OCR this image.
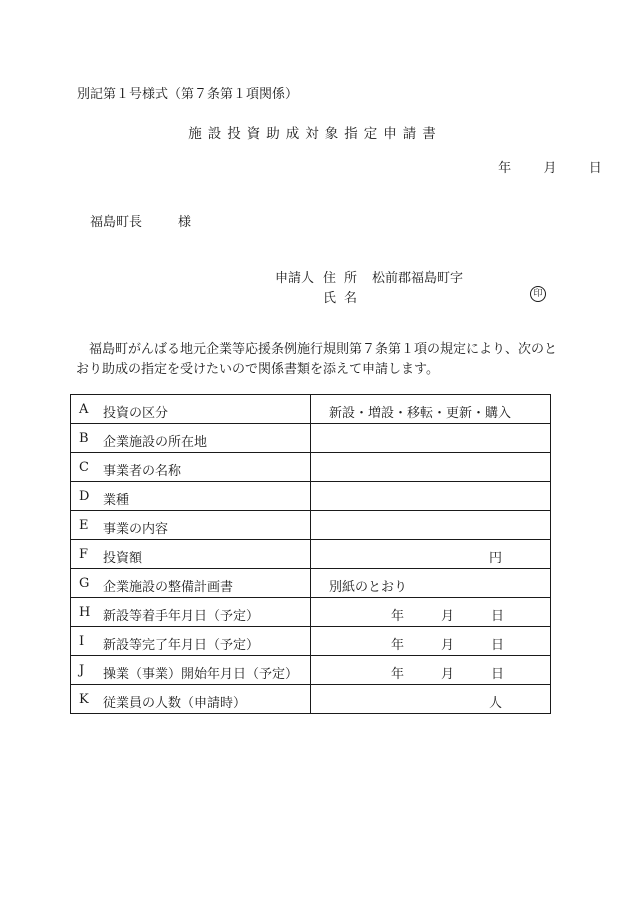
別記第１号様式（第７条第１項関係）
施設投資助成対象指定申請書
年 月 日
福島町長	様
申請人 住所 松前郡福島町字
氏名	印
福島町がんばる地元企業等応援条例施行規則第７条第１項の規定により、次のとおり助成の指定を受けたいので関係書類を添えて申請します。
A 投資の区分	新設・増設・移転・更新・購入

B 企業施設の所在地	

C 事業者の名称	

D 業種	

E 事業の内容	

F 投資額	円

G 企業施設の整備計画書	別紙のとおり

H 新設等着手年月日（予定）	年 月 日

I 新設等完了年月日（予定）	年 月 日

J 操業（事業）開始年月日（予定）	年 月 日

K 従業員の人数（申請時）	人
